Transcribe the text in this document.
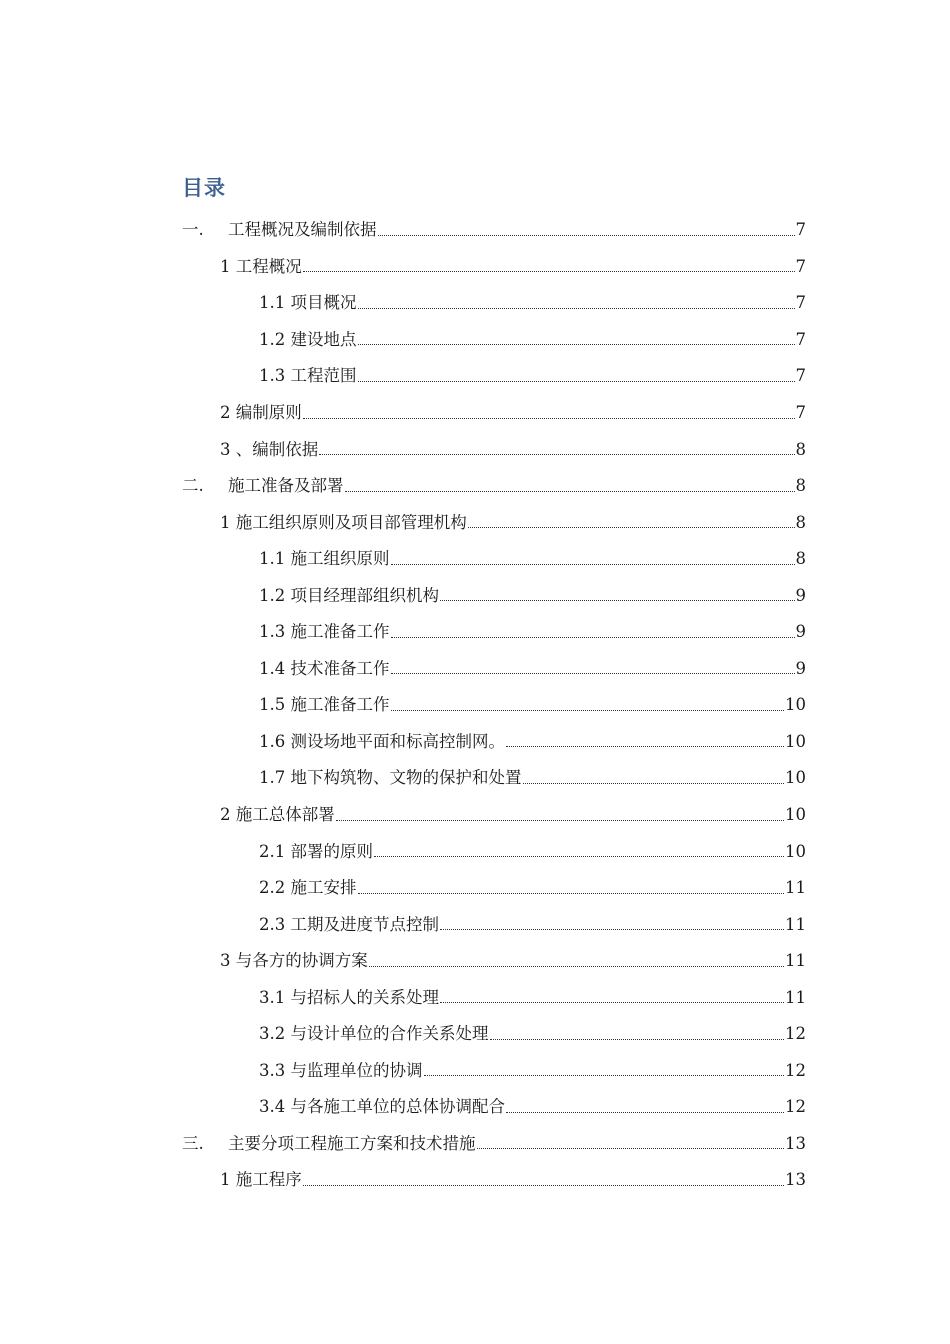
目录
一.	工程概况及编制依据	7
1 工程概况	7
1.1 项目概况	7
1.2 建设地点	7
1.3 工程范围	7
2 编制原则	7
3 、编制依据	8
二.	施工准备及部署	8
1 施工组织原则及项目部管理机构	8
1.1 施工组织原则	8
1.2 项目经理部组织机构	9
1.3 施工准备工作	9
1.4 技术准备工作	9
1.5 施工准备工作	10
1.6 测设场地平面和标高控制网。	10
1.7 地下构筑物、文物的保护和处置	10
2 施工总体部署	10
2.1 部署的原则	10
2.2 施工安排	11
2.3 工期及进度节点控制	11
3 与各方的协调方案	11
3.1 与招标人的关系处理	11
3.2 与设计单位的合作关系处理	12
3.3 与监理单位的协调	12
3.4 与各施工单位的总体协调配合	12
三.	主要分项工程施工方案和技术措施	13
1 施工程序	13
